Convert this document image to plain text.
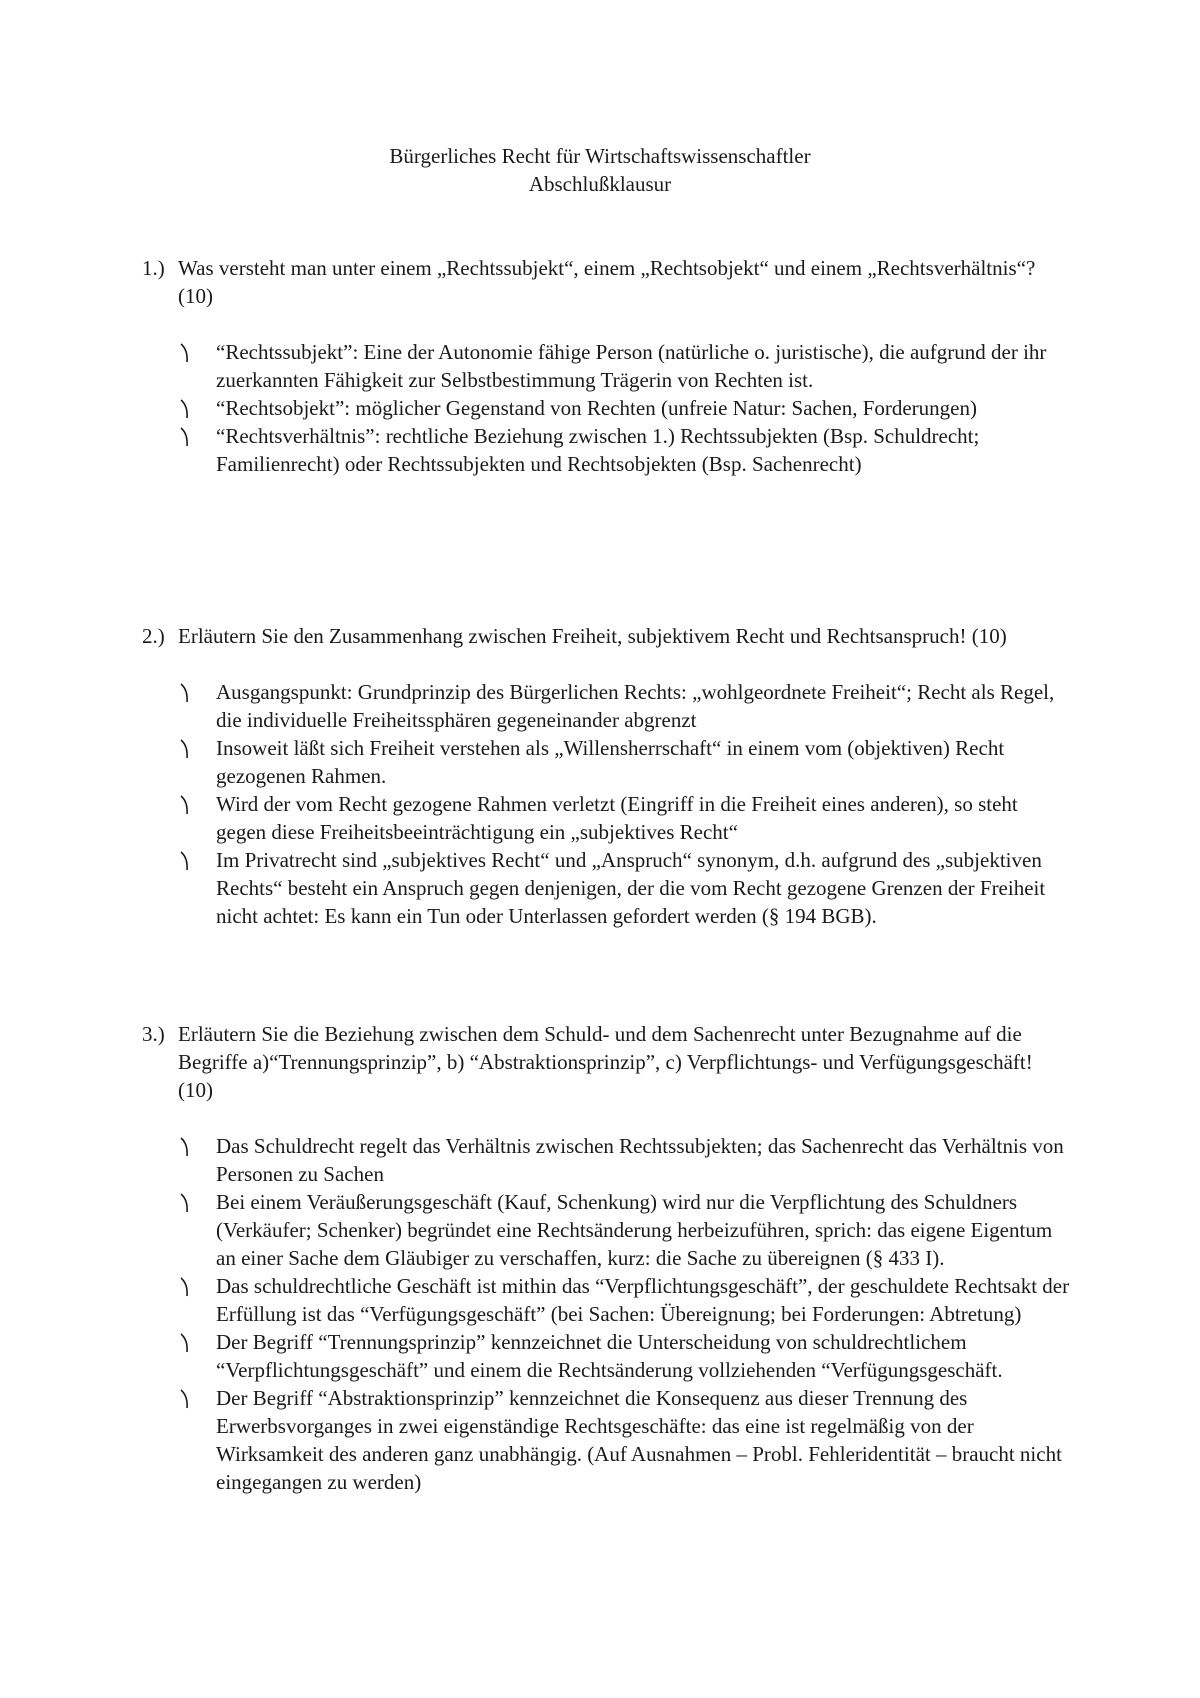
Bürgerliches Recht für Wirtschaftswissenschaftler
Abschlußklausur
1.) Was versteht man unter einem „Rechtssubjekt“, einem „Rechtsobjekt“ und einem „Rechtsverhältnis“? (10)
“Rechtssubjekt”: Eine der Autonomie fähige Person (natürliche o. juristische), die aufgrund der ihr zuerkannten Fähigkeit zur Selbstbestimmung Trägerin von Rechten ist.
“Rechtsobjekt”: möglicher Gegenstand von Rechten (unfreie Natur: Sachen, Forderungen)
“Rechtsverhältnis”: rechtliche Beziehung zwischen 1.) Rechtssubjekten (Bsp. Schuldrecht; Familienrecht) oder Rechtssubjekten und Rechtsobjekten (Bsp. Sachenrecht)
2.) Erläutern Sie den Zusammenhang zwischen Freiheit, subjektivem Recht und Rechtsanspruch! (10)
Ausgangspunkt: Grundprinzip des Bürgerlichen Rechts: „wohlgeordnete Freiheit“; Recht als Regel, die individuelle Freiheitssphären gegeneinander abgrenzt
Insoweit läßt sich Freiheit verstehen als „Willensherrschaft“ in einem vom (objektiven) Recht gezogenen Rahmen.
Wird der vom Recht gezogene Rahmen verletzt (Eingriff in die Freiheit eines anderen), so steht gegen diese Freiheitsbeeinträchtigung ein „subjektives Recht“
Im Privatrecht sind „subjektives Recht“ und „Anspruch“ synonym, d.h. aufgrund des „subjektiven Rechts“ besteht ein Anspruch gegen denjenigen, der die vom Recht gezogene Grenzen der Freiheit nicht achtet: Es kann ein Tun oder Unterlassen gefordert werden (§ 194 BGB).
3.) Erläutern Sie die Beziehung zwischen dem Schuld- und dem Sachenrecht unter Bezugnahme auf die Begriffe a)“Trennungsprinzip”, b) “Abstraktionsprinzip”, c) Verpflichtungs- und Verfügungsgeschäft! (10)
Das Schuldrecht regelt das Verhältnis zwischen Rechtssubjekten; das Sachenrecht das Verhältnis von Personen zu Sachen
Bei einem Veräußerungsgeschäft (Kauf, Schenkung) wird nur die Verpflichtung des Schuldners (Verkäufer; Schenker) begründet eine Rechtsänderung herbeizuführen, sprich: das eigene Eigentum an einer Sache dem Gläubiger zu verschaffen, kurz: die Sache zu übereignen (§ 433 I).
Das schuldrechtliche Geschäft ist mithin das “Verpflichtungsgeschäft”, der geschuldete Rechtsakt der Erfüllung ist das “Verfügungsgeschäft” (bei Sachen: Übereignung; bei Forderungen: Abtretung)
Der Begriff “Trennungsprinzip” kennzeichnet die Unterscheidung von schuldrechtlichem “Verpflichtungsgeschäft” und einem die Rechtsänderung vollziehenden “Verfügungsgeschäft.
Der Begriff “Abstraktionsprinzip” kennzeichnet die Konsequenz aus dieser Trennung des Erwerbsvorganges in zwei eigenständige Rechtsgeschäfte: das eine ist regelmäßig von der Wirksamkeit des anderen ganz unabhängig. (Auf Ausnahmen – Probl. Fehleridentität – braucht nicht eingegangen zu werden)
